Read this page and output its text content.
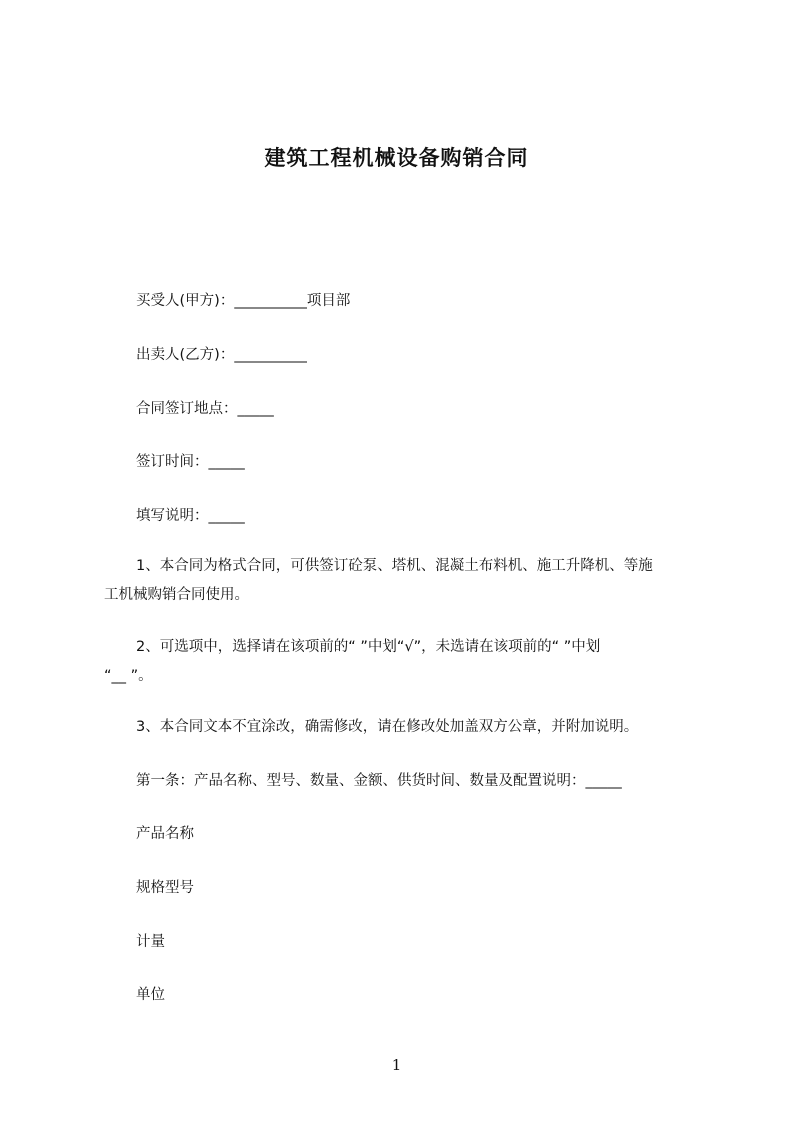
建筑工程机械设备购销合同
买受人(甲方)：__________项目部
出卖人(乙方)：__________
合同签订地点：_____
签订时间：_____
填写说明：_____
1、本合同为格式合同，可供签订砼泵、塔机、混凝土布料机、施工升降机、等施
工机械购销合同使用。
2、可选项中，选择请在该项前的“ ”中划“√”，未选请在该项前的“ ”中划
“__ ”。
3、本合同文本不宜涂改，确需修改，请在修改处加盖双方公章，并附加说明。
第一条：产品名称、型号、数量、金额、供货时间、数量及配置说明：_____
产品名称
规格型号
计量
单位
1
